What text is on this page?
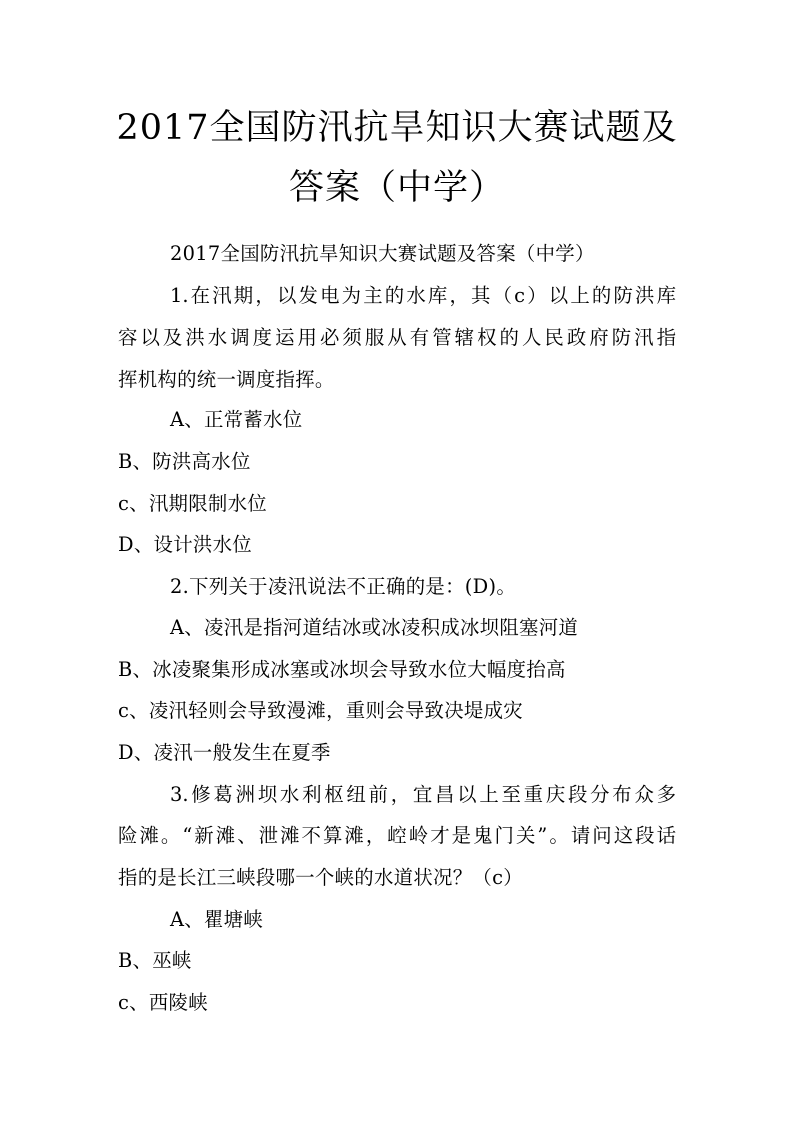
2017全国防汛抗旱知识大赛试题及
答案（中学）
2017全国防汛抗旱知识大赛试题及答案（中学）
1.在汛期，以发电为主的水库，其（c）以上的防洪库
容以及洪水调度运用必须服从有管辖权的人民政府防汛指
挥机构的统一调度指挥。
A、正常蓄水位
B、防洪高水位
c、汛期限制水位
D、设计洪水位
2.下列关于凌汛说法不正确的是：(D)。
A、凌汛是指河道结冰或冰凌积成冰坝阻塞河道
B、冰凌聚集形成冰塞或冰坝会导致水位大幅度抬高
c、凌汛轻则会导致漫滩，重则会导致决堤成灾
D、凌汛一般发生在夏季
3.修葛洲坝水利枢纽前，宜昌以上至重庆段分布众多
险滩。“新滩、泄滩不算滩，崆岭才是鬼门关”。请问这段话
指的是长江三峡段哪一个峡的水道状况？（c）
A、瞿塘峡
B、巫峡
c、西陵峡
